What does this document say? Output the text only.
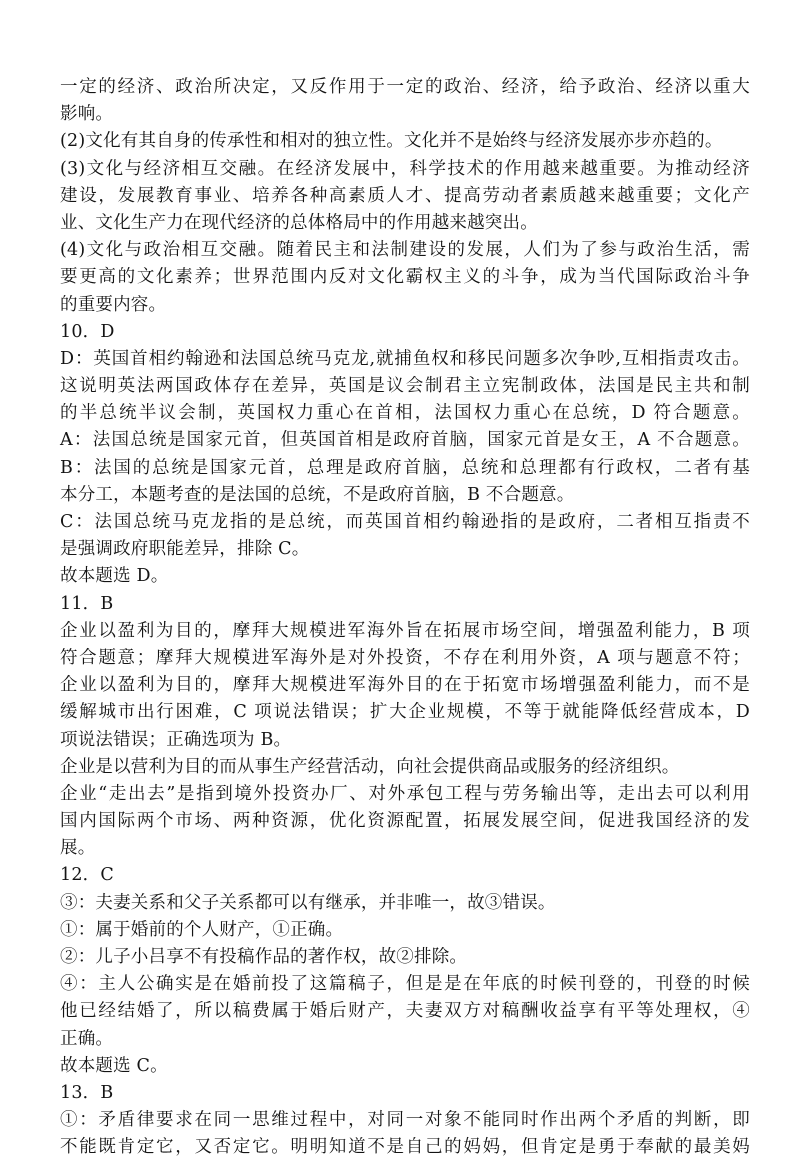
一定的经济、政治所决定，又反作用于一定的政治、经济，给予政治、经济以重大
影响。
(2)文化有其自身的传承性和相对的独立性。文化并不是始终与经济发展亦步亦趋的。
(3)文化与经济相互交融。在经济发展中，科学技术的作用越来越重要。为推动经济
建设，发展教育事业、培养各种高素质人才、提高劳动者素质越来越重要；文化产
业、文化生产力在现代经济的总体格局中的作用越来越突出。
(4)文化与政治相互交融。随着民主和法制建设的发展，人们为了参与政治生活，需
要更高的文化素养；世界范围内反对文化霸权主义的斗争，成为当代国际政治斗争
的重要内容。
10．D
D：英国首相约翰逊和法国总统马克龙,就捕鱼权和移民问题多次争吵,互相指责攻击。
这说明英法两国政体存在差异，英国是议会制君主立宪制政体，法国是民主共和制
的半总统半议会制，英国权力重心在首相，法国权力重心在总统，D 符合题意。
A：法国总统是国家元首，但英国首相是政府首脑，国家元首是女王，A 不合题意。
B：法国的总统是国家元首，总理是政府首脑，总统和总理都有行政权，二者有基
本分工，本题考查的是法国的总统，不是政府首脑，B 不合题意。
C：法国总统马克龙指的是总统，而英国首相约翰逊指的是政府，二者相互指责不
是强调政府职能差异，排除 C。
故本题选 D。
11．B
企业以盈利为目的，摩拜大规模进军海外旨在拓展市场空间，增强盈利能力，B 项
符合题意；摩拜大规模进军海外是对外投资，不存在利用外资，A 项与题意不符；
企业以盈利为目的，摩拜大规模进军海外目的在于拓宽市场增强盈利能力，而不是
缓解城市出行困难，C 项说法错误；扩大企业规模，不等于就能降低经营成本，D
项说法错误；正确选项为 B。
企业是以营利为目的而从事生产经营活动，向社会提供商品或服务的经济组织。
企业“走出去”是指到境外投资办厂、对外承包工程与劳务输出等，走出去可以利用
国内国际两个市场、两种资源，优化资源配置，拓展发展空间，促进我国经济的发
展。
12．C
③：夫妻关系和父子关系都可以有继承，并非唯一，故③错误。
①：属于婚前的个人财产，①正确。
②：儿子小吕享不有投稿作品的著作权，故②排除。
④：主人公确实是在婚前投了这篇稿子，但是是在年底的时候刊登的，刊登的时候
他已经结婚了，所以稿费属于婚后财产，夫妻双方对稿酬收益享有平等处理权，④
正确。
故本题选 C。
13．B
①：矛盾律要求在同一思维过程中，对同一对象不能同时作出两个矛盾的判断，即
不能既肯定它，又否定它。明明知道不是自己的妈妈，但肯定是勇于奉献的最美妈
